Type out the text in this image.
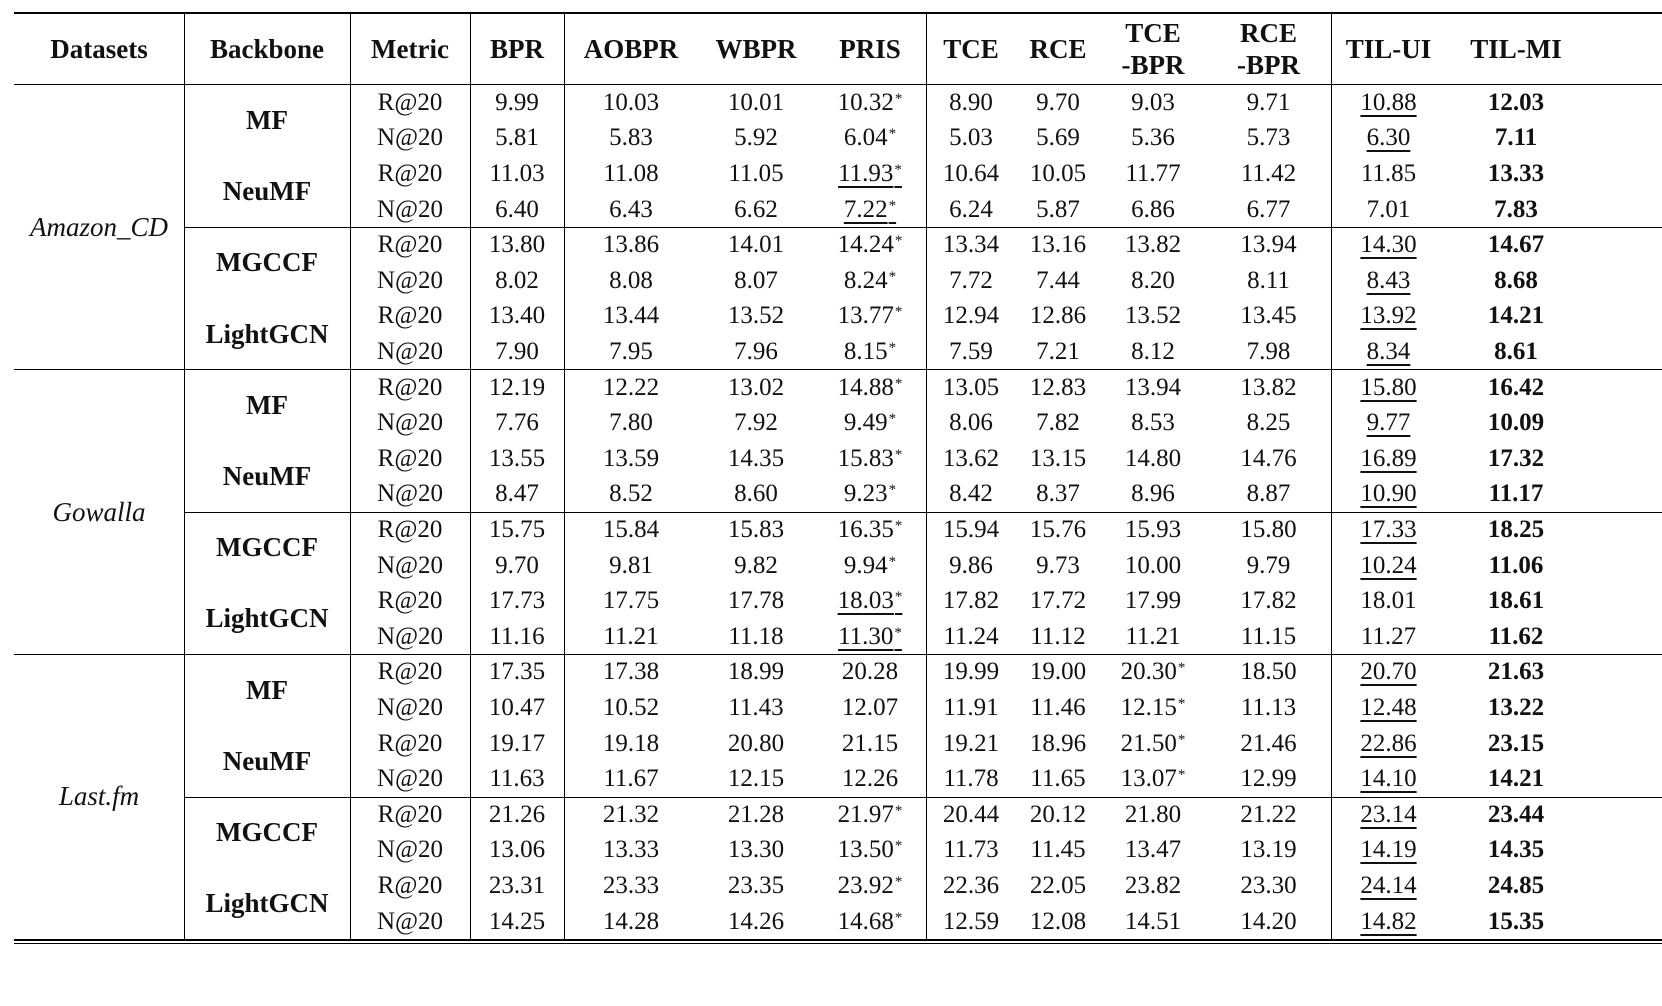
Datasets Backbone Metric BPR AOBPR WBPR PRIS TCE RCE
TCE
-BPR
RCE
-BPR
TIL-UI TIL-MI
Amazon_CD
MF
R@20	9.99	10.03	10.01 10.32* 8.90 9.70 9.03	9.71	10.88	12.03
N@20	5.81	5.83	5.92	6.04* 5.03 5.69 5.36	5.73	6.30	7.11
NeuMF
R@20	11.03 11.08	11.05 11.93* 10.64 10.05 11.77 11.42	11.85	13.33
N@20	6.40	6.43	6.62	7.22* 6.24 5.87 6.86	6.77	7.01	7.83
MGCCF
R@20	13.80 13.86	14.01 14.24* 13.34 13.16 13.82 13.94	14.30	14.67
N@20	8.02	8.08	8.07	8.24* 7.72 7.44 8.20	8.11	8.43	8.68
LightGCN
R@20	13.40 13.44	13.52 13.77* 12.94 12.86 13.52 13.45	13.92	14.21
N@20	7.90	7.95	7.96	8.15* 7.59 7.21 8.12	7.98	8.34	8.61
Gowalla
MF
R@20	12.19 12.22	13.02 14.88* 13.05 12.83 13.94 13.82	15.80	16.42
N@20	7.76	7.80	7.92	9.49* 8.06 7.82 8.53	8.25	9.77	10.09
NeuMF
R@20	13.55 13.59	14.35 15.83* 13.62 13.15 14.80 14.76	16.89	17.32
N@20	8.47	8.52	8.60	9.23* 8.42 8.37 8.96	8.87	10.90	11.17
MGCCF
R@20	15.75 15.84	15.83 16.35* 15.94 15.76 15.93 15.80	17.33	18.25
N@20	9.70	9.81	9.82	9.94* 9.86 9.73 10.00	9.79	10.24	11.06
LightGCN
R@20	17.73 17.75	17.78 18.03* 17.82 17.72 17.99 17.82	18.01	18.61
N@20	11.16 11.21	11.18 11.30* 11.24 11.12 11.21 11.15	11.27	11.62
Last.fm
MF
R@20	17.35 17.38	18.99 20.28 19.99 19.00 20.30* 18.50	20.70	21.63
N@20	10.47 10.52	11.43 12.07 11.91 11.46 12.15* 11.13	12.48	13.22
NeuMF
R@20	19.17 19.18	20.80 21.15 19.21 18.96 21.50* 21.46	22.86	23.15
N@20	11.63 11.67	12.15 12.26 11.78 11.65 13.07* 12.99	14.10	14.21
MGCCF
R@20	21.26 21.32	21.28 21.97* 20.44 20.12 21.80 21.22	23.14	23.44
N@20	13.06 13.33	13.30 13.50* 11.73 11.45 13.47 13.19	14.19	14.35
LightGCN
R@20	23.31 23.33	23.35 23.92* 22.36 22.05 23.82 23.30	24.14	24.85
N@20	14.25 14.28	14.26 14.68* 12.59 12.08 14.51 14.20	14.82	15.35
